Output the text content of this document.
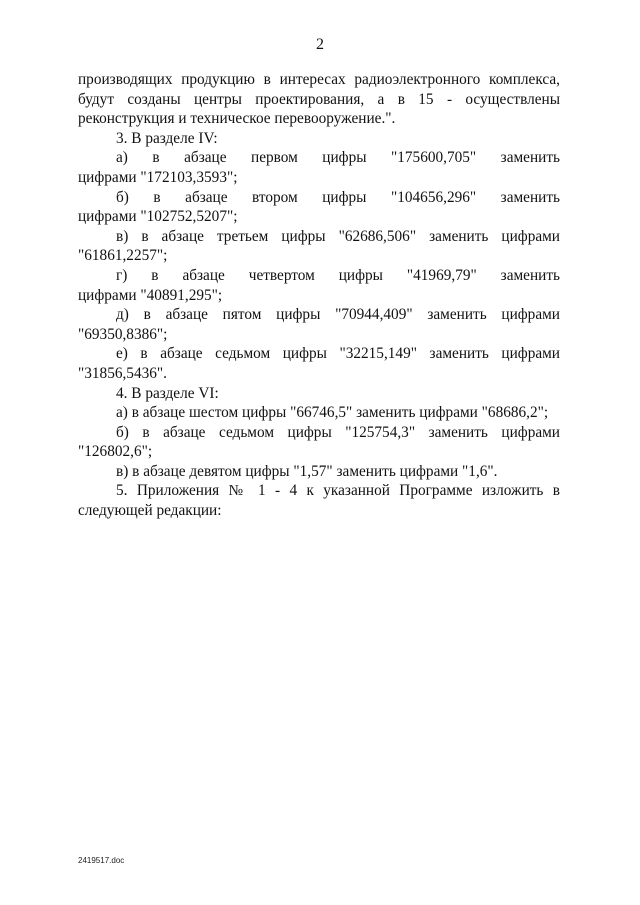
2
производящих продукцию в интересах радиоэлектронного комплекса,
будут созданы центры проектирования, а в 15 - осуществлены
реконструкция и техническое перевооружение.".
3. В разделе IV:
а) в абзаце первом цифры "175600,705" заменить
цифрами "172103,3593";
б) в абзаце втором цифры "104656,296" заменить
цифрами "102752,5207";
в) в абзаце третьем цифры "62686,506" заменить цифрами
"61861,2257";
г) в абзаце четвертом цифры "41969,79" заменить
цифрами "40891,295";
д) в абзаце пятом цифры "70944,409" заменить цифрами
"69350,8386";
е) в абзаце седьмом цифры "32215,149" заменить цифрами
"31856,5436".
4. В разделе VI:
а) в абзаце шестом цифры "66746,5" заменить цифрами "68686,2";
б) в абзаце седьмом цифры "125754,3" заменить цифрами "126802,6";
в) в абзаце девятом цифры "1,57" заменить цифрами "1,6".
5. Приложения № 1 - 4 к указанной Программе изложить в
следующей редакции:
2419517.doc
